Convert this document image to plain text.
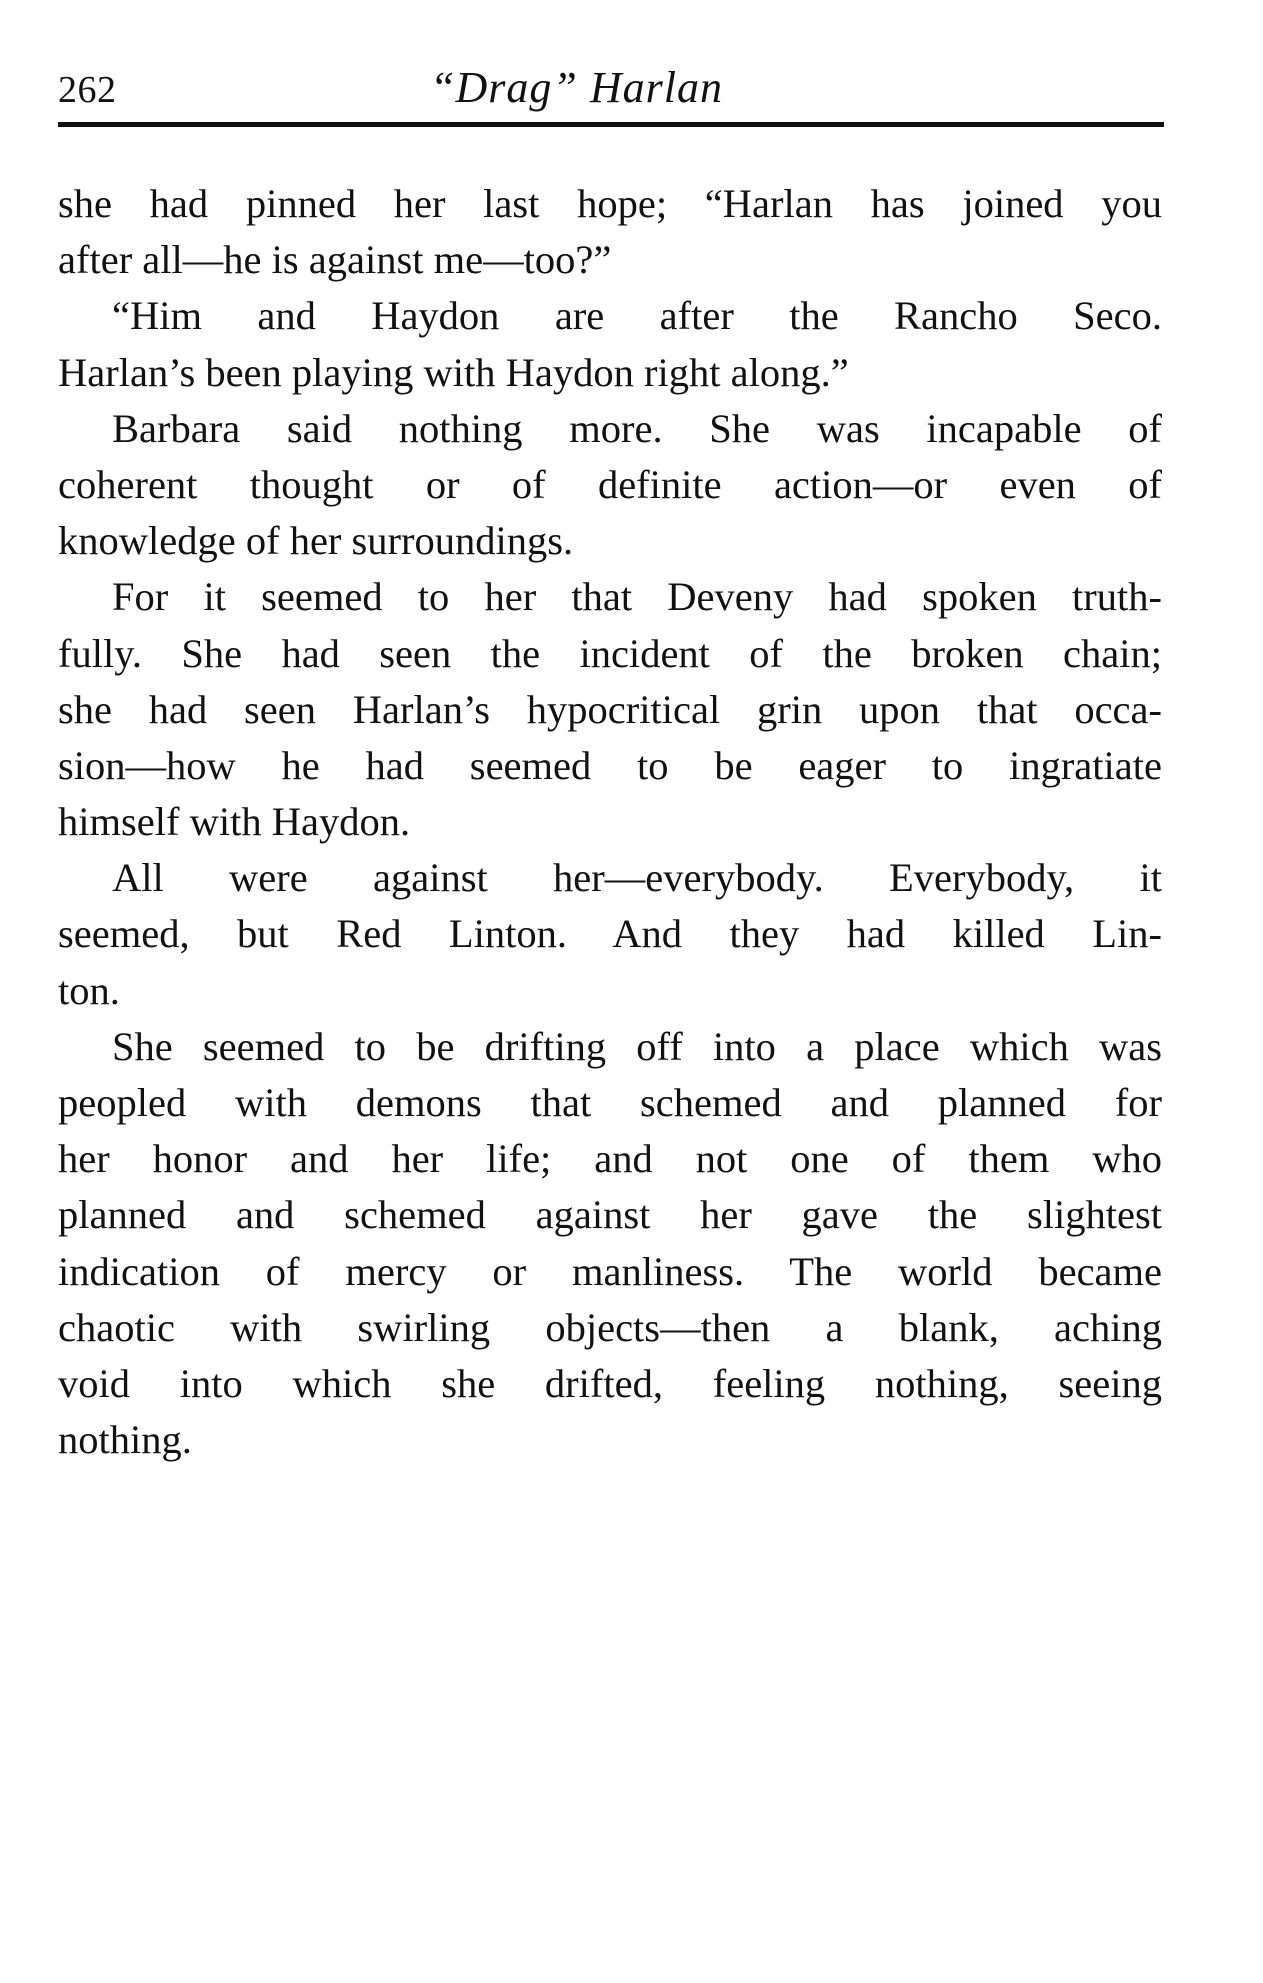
262	“Drag” Harlan
she had pinned her last hope; “Harlan has joined you
after all—he is against me—too?”
“Him and Haydon are after the Rancho Seco.
Harlan’s been playing with Haydon right along.”
Barbara said nothing more. She was incapable of
coherent thought or of definite action—or even of
knowledge of her surroundings.
For it seemed to her that Deveny had spoken truth-
fully. She had seen the incident of the broken chain;
she had seen Harlan’s hypocritical grin upon that occa-
sion—how he had seemed to be eager to ingratiate
himself with Haydon.
All were against her—everybody. Everybody, it
seemed, but Red Linton. And they had killed Lin-
ton.
She seemed to be drifting off into a place which was
peopled with demons that schemed and planned for
her honor and her life; and not one of them who
planned and schemed against her gave the slightest
indication of mercy or manliness. The world became
chaotic with swirling objects—then a blank, aching
void into which she drifted, feeling nothing, seeing
nothing.
